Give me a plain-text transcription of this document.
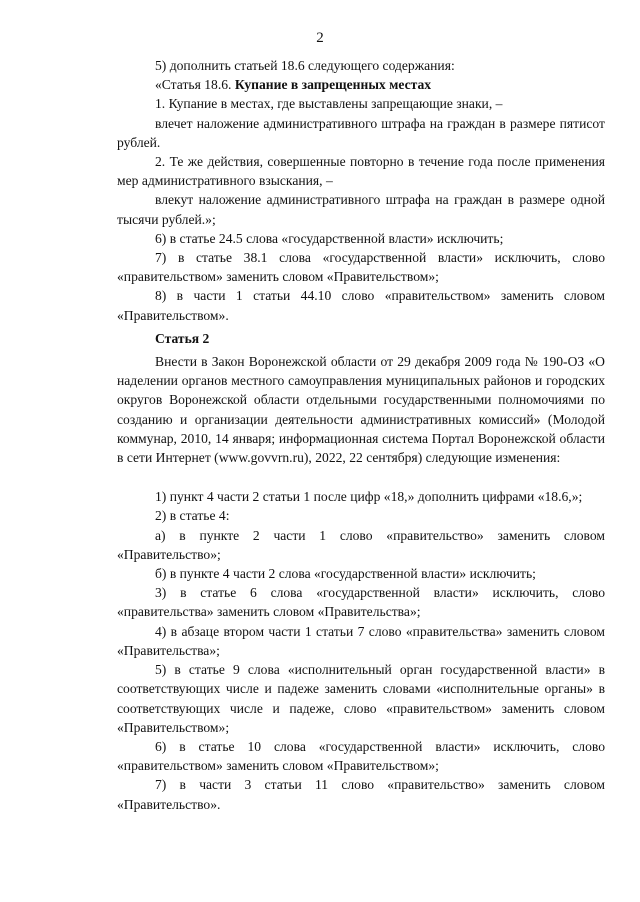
2

5) дополнить статьей 18.6 следующего содержания:

«Статья 18.6. Купание в запрещенных местах

1. Купание в местах, где выставлены запрещающие знаки, –

влечет наложение административного штрафа на граждан в размере пятисот рублей.

2. Те же действия, совершенные повторно в течение года после применения мер административного взыскания, –

влекут наложение административного штрафа на граждан в размере одной тысячи рублей.»;

6) в статье 24.5 слова «государственной власти» исключить;

7) в статье 38.1 слова «государственной власти» исключить, слово «правительством» заменить словом «Правительством»;

8) в части 1 статьи 44.10 слово «правительством» заменить словом «Правительством».

Статья 2

Внести в Закон Воронежской области от 29 декабря 2009 года № 190-ОЗ «О наделении органов местного самоуправления муниципальных районов и городских округов Воронежской области отдельными государственными полномочиями по созданию и организации деятельности административных комиссий» (Молодой коммунар, 2010, 14 января; информационная система Портал Воронежской области в сети Интернет (www.govvrn.ru), 2022, 22 сентября) следующие изменения:

1) пункт 4 части 2 статьи 1 после цифр «18,» дополнить цифрами «18.6,»;

2) в статье 4:

а) в пункте 2 части 1 слово «правительство» заменить словом «Правительство»;

б) в пункте 4 части 2 слова «государственной власти» исключить;

3) в статье 6 слова «государственной власти» исключить, слово «правительства» заменить словом «Правительства»;

4) в абзаце втором части 1 статьи 7 слово «правительства» заменить словом «Правительства»;

5) в статье 9 слова «исполнительный орган государственной власти» в соответствующих числе и падеже заменить словами «исполнительные органы» в соответствующих числе и падеже, слово «правительством» заменить словом «Правительством»;

6) в статье 10 слова «государственной власти» исключить, слово «правительством» заменить словом «Правительством»;

7) в части 3 статьи 11 слово «правительство» заменить словом «Правительство».
